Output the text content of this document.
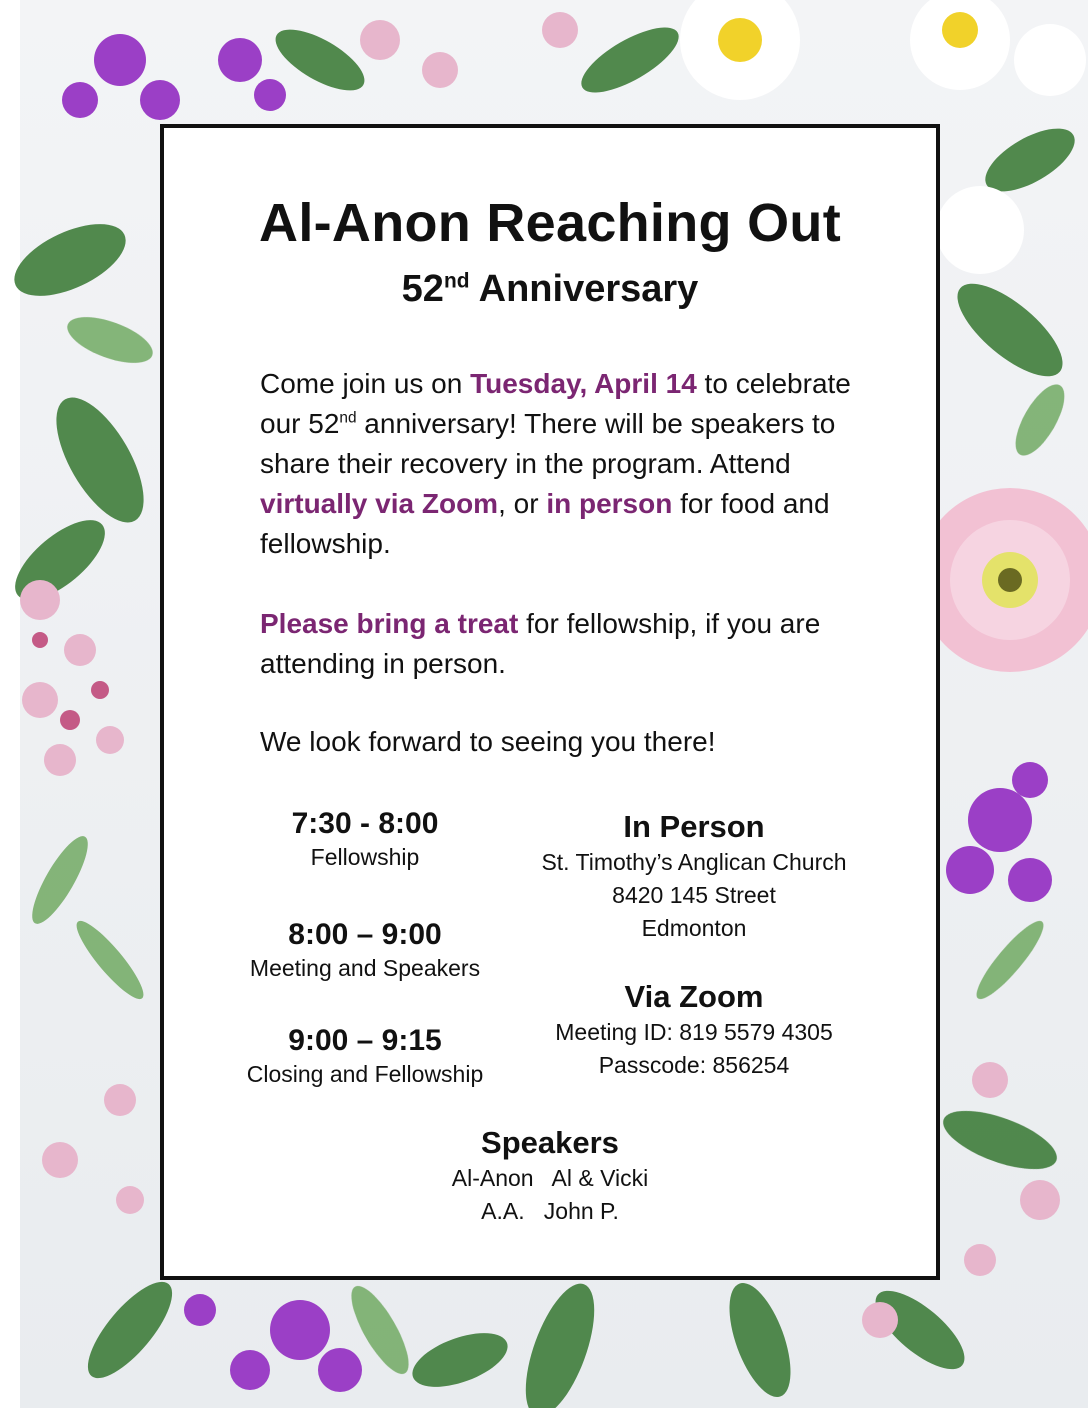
Al-Anon Reaching Out
52nd Anniversary
Come join us on Tuesday, April 14 to celebrate our 52nd anniversary! There will be speakers to share their recovery in the program. Attend virtually via Zoom, or in person for food and fellowship.
Please bring a treat for fellowship, if you are attending in person.
We look forward to seeing you there!
7:30 - 8:00
Fellowship
8:00 – 9:00
Meeting and Speakers
9:00 – 9:15
Closing and Fellowship
In Person
St. Timothy’s Anglican Church
8420 145 Street
Edmonton
Via Zoom
Meeting ID: 819 5579 4305
Passcode: 856254
Speakers
Al-Anon Al & Vicki
A.A. John P.
